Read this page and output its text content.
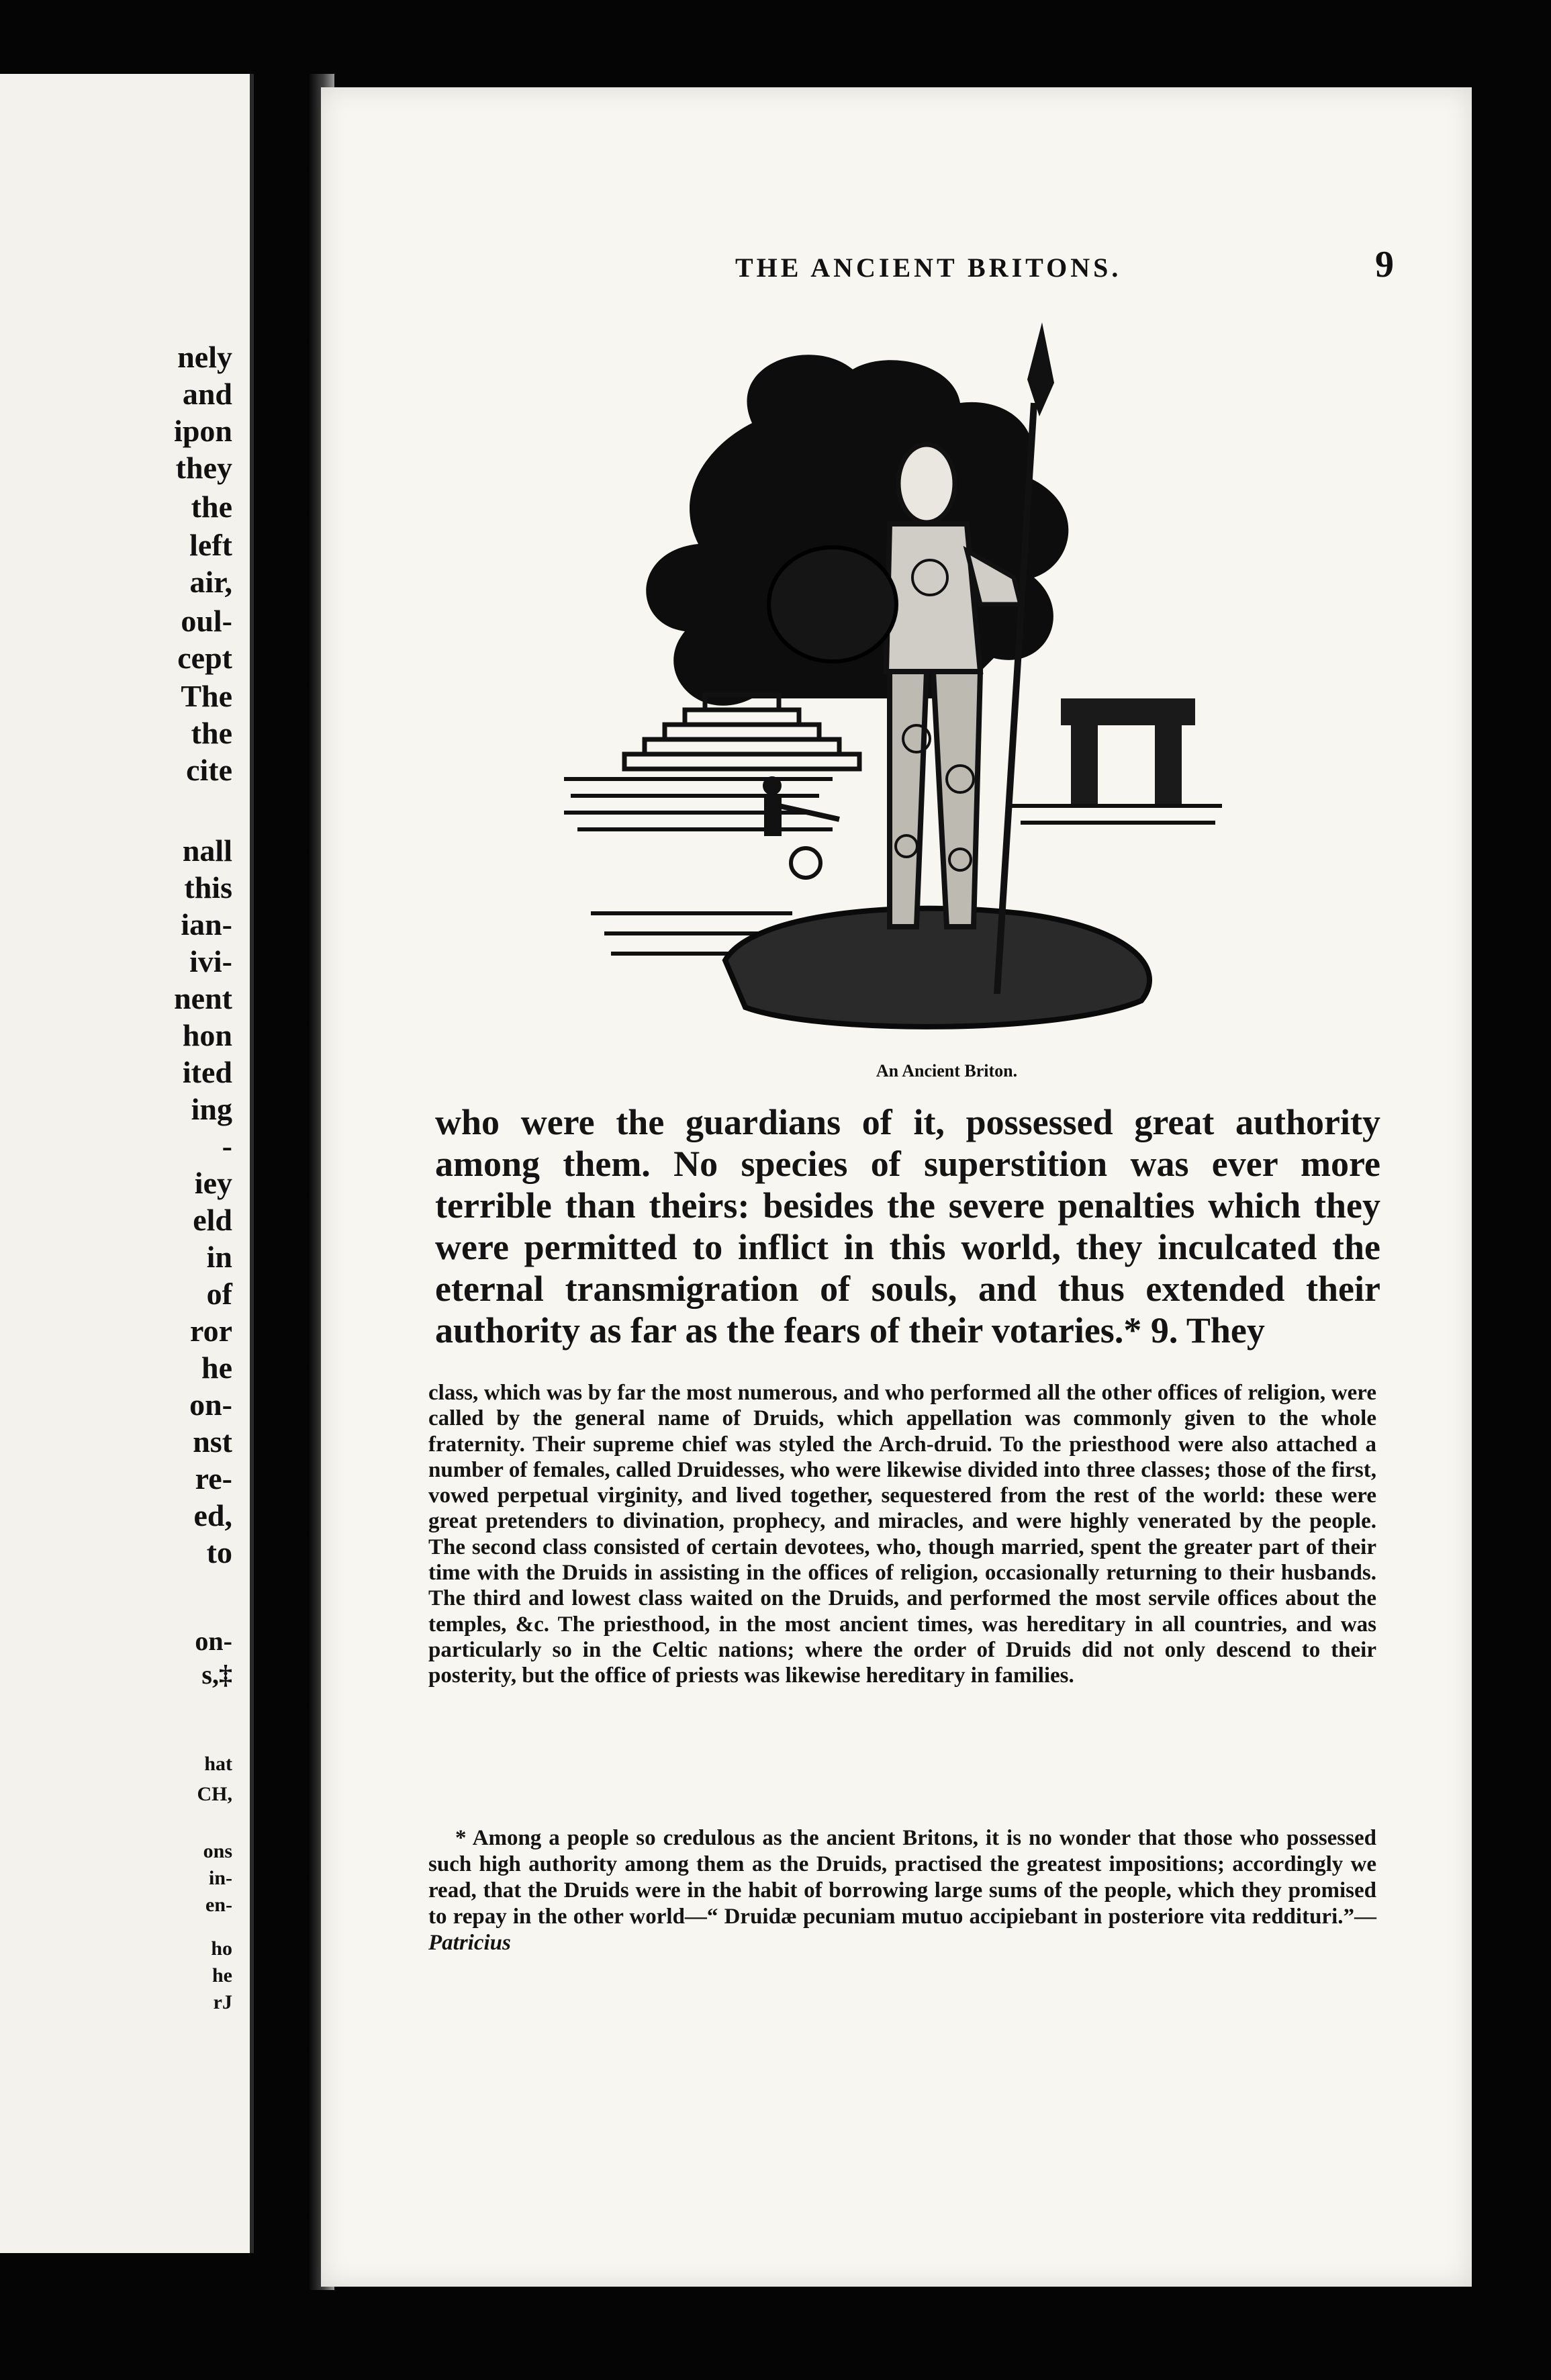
nely

and

ipon

they

the

left

air,

oul-

cept

The

the

cite

nall

this

ian-

ivi-

nent

hon

ited

ing

-

iey

eld

in

of

ror

he

on-

nst

re-

ed,

to

on-

s,‡

hat

CH,

ons

in-

en-

ho

he

rJ

THE ANCIENT BRITONS.	9

An Ancient Briton.

who were the guardians of it, possessed great authority among them. No species of superstition was ever more terrible than theirs: besides the severe penalties which they were permitted to inflict in this world, they inculcated the eternal transmigration of souls, and thus extended their authority as far as the fears of their votaries.* 9. They

class, which was by far the most numerous, and who performed all the other offices of religion, were called by the general name of Druids, which appellation was commonly given to the whole fraternity. Their supreme chief was styled the Arch-druid. To the priesthood were also attached a number of females, called Druidesses, who were likewise divided into three classes; those of the first, vowed perpetual virginity, and lived together, sequestered from the rest of the world: these were great pretenders to divination, prophecy, and miracles, and were highly venerated by the people. The second class consisted of certain devotees, who, though married, spent the greater part of their time with the Druids in assisting in the offices of religion, occasionally returning to their husbands. The third and lowest class waited on the Druids, and performed the most servile offices about the temples, &c. The priesthood, in the most ancient times, was hereditary in all countries, and was particularly so in the Celtic nations; where the order of Druids did not only descend to their posterity, but the office of priests was likewise hereditary in families.

* Among a people so credulous as the ancient Britons, it is no wonder that those who possessed such high authority among them as the Druids, practised the greatest impositions; accordingly we read, that the Druids were in the habit of borrowing large sums of the people, which they promised to repay in the other world—“ Druidæ pecuniam mutuo accipiebant in posteriore vita reddituri.”—Patricius
